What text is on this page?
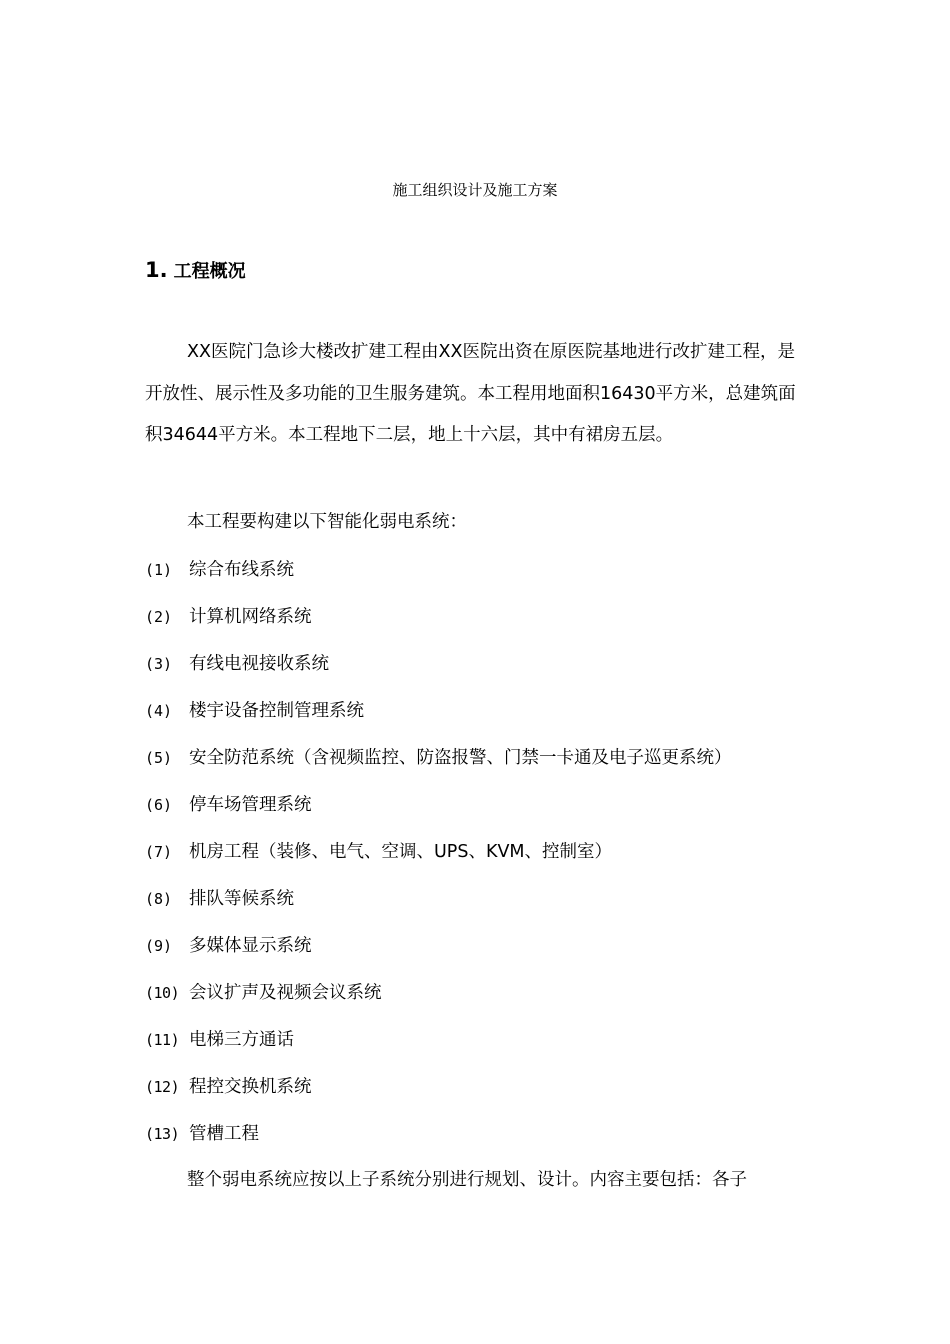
施工组织设计及施工方案
1. 工程概况

XX医院门急诊大楼改扩建工程由XX医院出资在原医院基地进行改扩建工程，是开放性、展示性及多功能的卫生服务建筑。本工程用地面积16430平方米，总建筑面积34644平方米。本工程地下二层，地上十六层，其中有裙房五层。

本工程要构建以下智能化弱电系统：

(1) 综合布线系统
(2) 计算机网络系统
(3) 有线电视接收系统
(4) 楼宇设备控制管理系统
(5) 安全防范系统（含视频监控、防盗报警、门禁一卡通及电子巡更系统）
(6) 停车场管理系统
(7) 机房工程（装修、电气、空调、UPS、KVM、控制室）
(8) 排队等候系统
(9) 多媒体显示系统
(10) 会议扩声及视频会议系统
(11) 电梯三方通话
(12) 程控交换机系统
(13) 管槽工程

整个弱电系统应按以上子系统分别进行规划、设计。内容主要包括：各子
